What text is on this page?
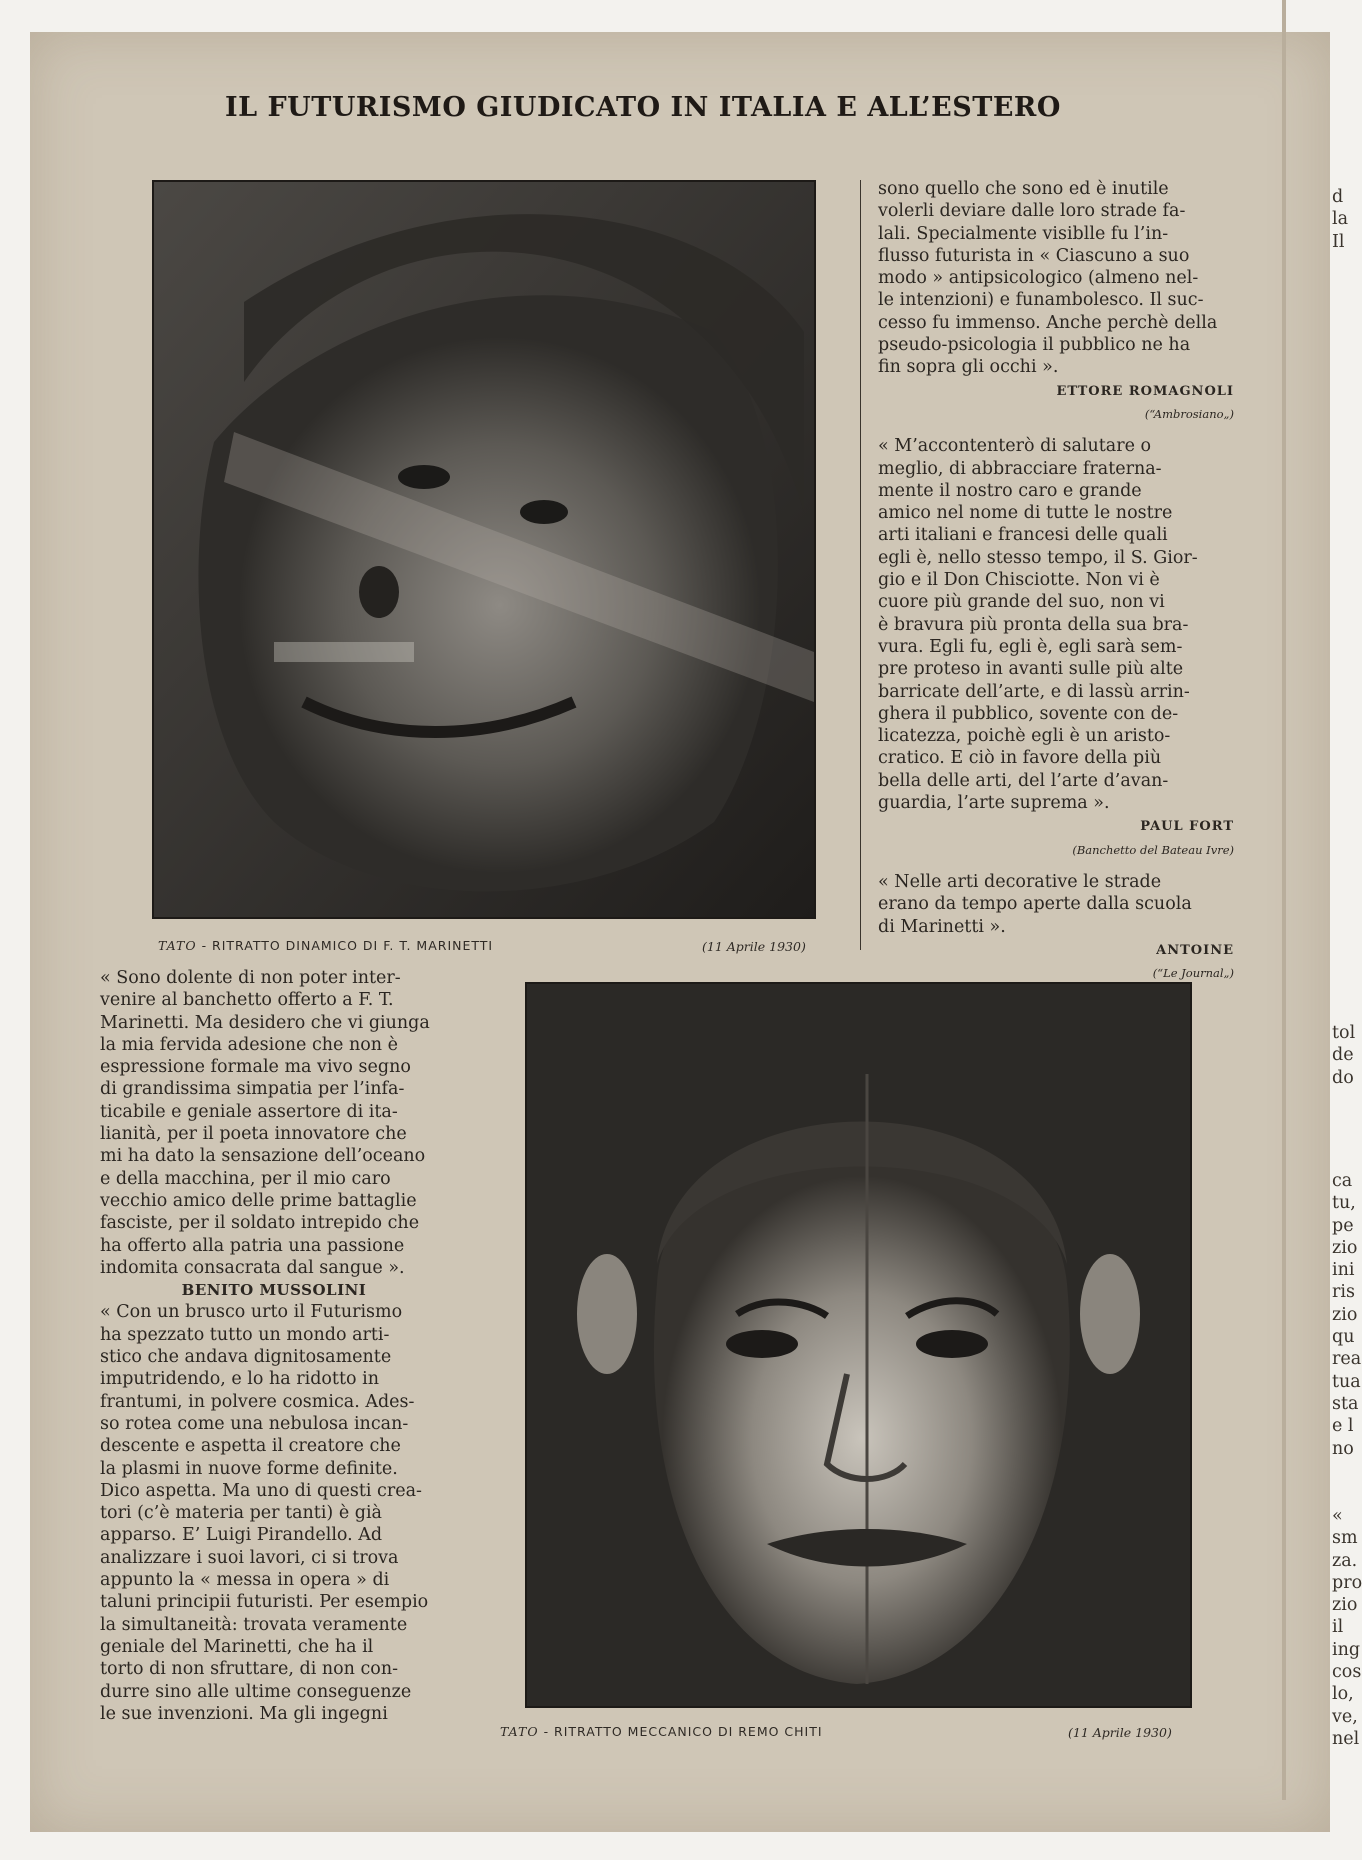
IL FUTURISMO GIUDICATO IN ITALIA E ALL’ESTERO
TATO - RITRATTO DINAMICO DI F. T. MARINETTI	(11 Aprile 1930)
TATO - RITRATTO MECCANICO DI REMO CHITI	(11 Aprile 1930)

sono quello che sono ed è inutile
volerli deviare dalle loro strade fa-
lali. Specialmente visiblle fu l’in-
flusso futurista in « Ciascuno a suo
modo » antipsicologico (almeno nel-
le intenzioni) e funambolesco. Il suc-
cesso fu immenso. Anche perchè della
pseudo-psicologia il pubblico ne ha
fin sopra gli occhi ».

ETTORE ROMAGNOLI
(“Ambrosiano„)

« M’accontenterò di salutare o
meglio, di abbracciare fraterna-
mente il nostro caro e grande
amico nel nome di tutte le nostre
arti italiani e francesi delle quali
egli è, nello stesso tempo, il S. Gior-
gio e il Don Chisciotte. Non vi è
cuore più grande del suo, non vi
è bravura più pronta della sua bra-
vura. Egli fu, egli è, egli sarà sem-
pre proteso in avanti sulle più alte
barricate dell’arte, e di lassù arrin-
ghera il pubblico, sovente con de-
licatezza, poichè egli è un aristo-
cratico. E ciò in favore della più
bella delle arti, del l’arte d’avan-
guardia, l’arte suprema ».

PAUL FORT
(Banchetto del Bateau Ivre)

« Nelle arti decorative le strade
erano da tempo aperte dalla scuola
di Marinetti ».

ANTOINE
(“Le Journal„)

« Sono dolente di non poter inter-
venire al banchetto offerto a F. T.
Marinetti. Ma desidero che vi giunga
la mia fervida adesione che non è
espressione formale ma vivo segno
di grandissima simpatia per l’infa-
ticabile e geniale assertore di ita-
lianità, per il poeta innovatore che
mi ha dato la sensazione dell’oceano
e della macchina, per il mio caro
vecchio amico delle prime battaglie
fasciste, per il soldato intrepido che
ha offerto alla patria una passione
indomita consacrata dal sangue ».

BENITO MUSSOLINI

« Con un brusco urto il Futurismo
ha spezzato tutto un mondo arti-
stico che andava dignitosamente
imputridendo, e lo ha ridotto in
frantumi, in polvere cosmica. Ades-
so rotea come una nebulosa incan-
descente e aspetta il creatore che
la plasmi in nuove forme definite.
Dico aspetta. Ma uno di questi crea-
tori (c’è materia per tanti) è già
apparso. E’ Luigi Pirandello. Ad
analizzare i suoi lavori, ci si trova
appunto la « messa in opera » di
taluni principii futuristi. Per esempio
la simultaneità: trovata veramente
geniale del Marinetti, che ha il
torto di non sfruttare, di non con-
durre sino alle ultime conseguenze
le sue invenzioni. Ma gli ingegni

d
la
Il
tol
de
do
ca
tu,
pe
zio
ini
ris
zio
qu
rea
tua
sta
e l
no
«
sm
za.
pro
zio
il
ing
cos
lo,
ve,
nel
